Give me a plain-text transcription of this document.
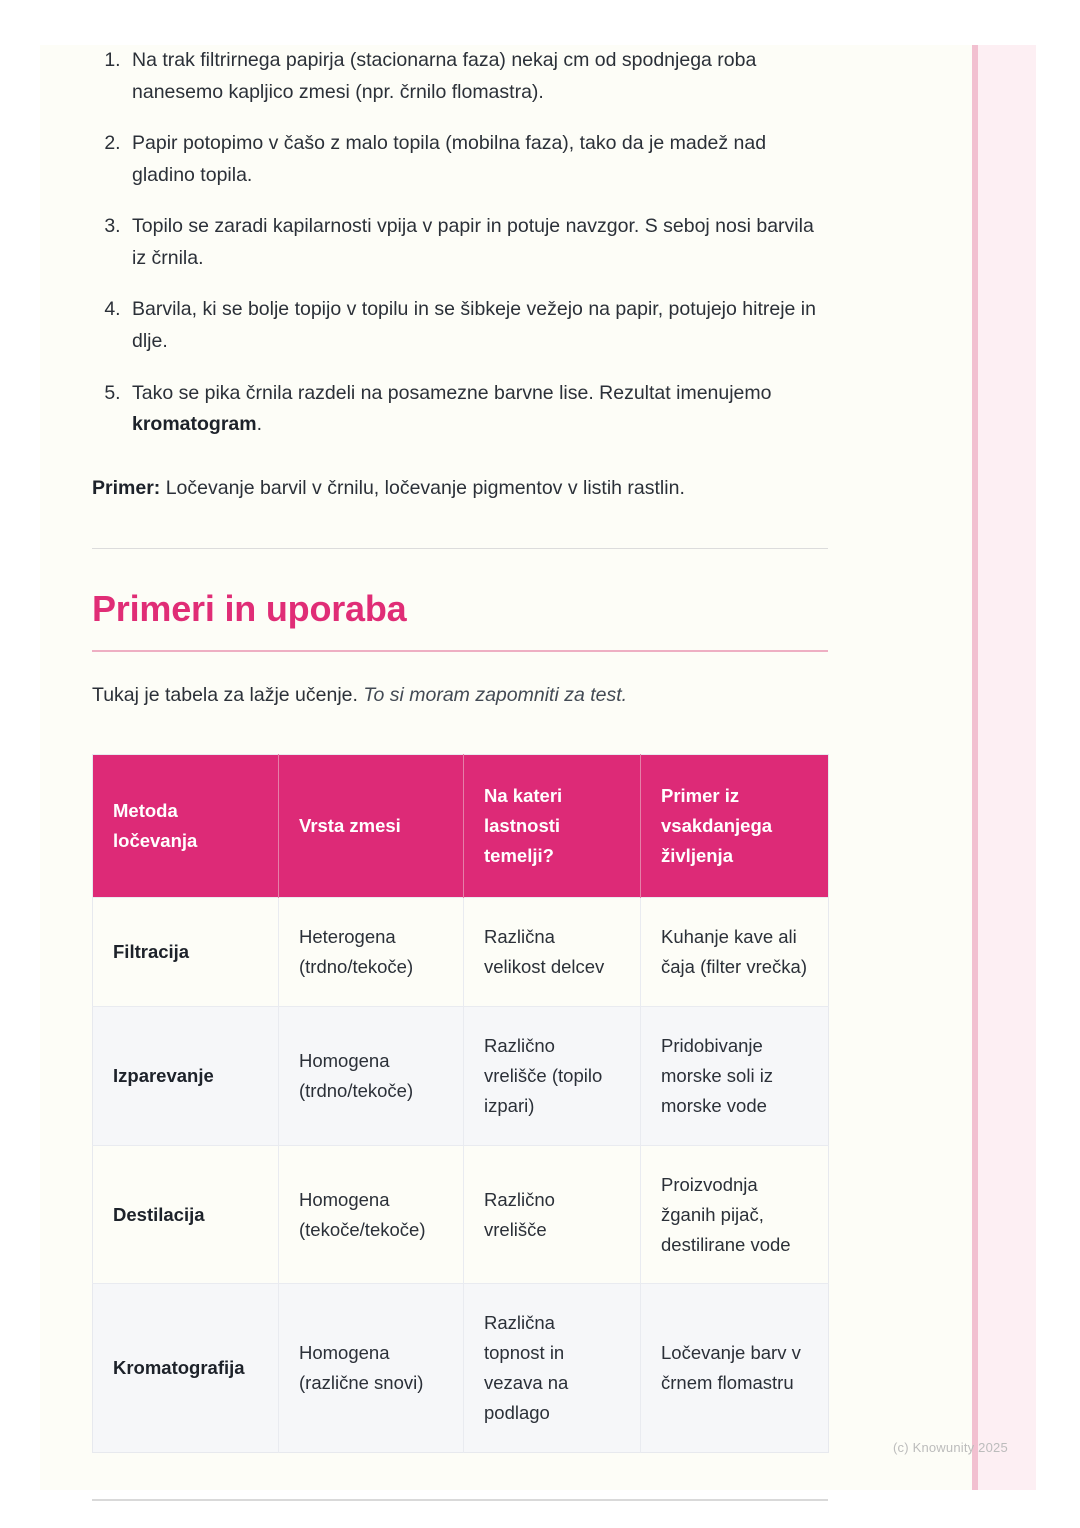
1. Na trak filtrirnega papirja (stacionarna faza) nekaj cm od spodnjega roba nanesemo kapljico zmesi (npr. črnilo flomastra).
2. Papir potopimo v čašo z malo topila (mobilna faza), tako da je madež nad gladino topila.
3. Topilo se zaradi kapilarnosti vpija v papir in potuje navzgor. S seboj nosi barvila iz črnila.
4. Barvila, ki se bolje topijo v topilu in se šibkeje vežejo na papir, potujejo hitreje in dlje.
5. Tako se pika črnila razdeli na posamezne barvne lise. Rezultat imenujemo kromatogram.

Primer: Ločevanje barvil v črnilu, ločevanje pigmentov v listih rastlin.

Primeri in uporaba

Tukaj je tabela za lažje učenje. To si moram zapomniti za test.

Metoda ločevanja	Vrsta zmesi	Na kateri lastnosti temelji?	Primer iz vsakdanjega življenja
Filtracija	Heterogena (trdno/tekoče)	Različna velikost delcev	Kuhanje kave ali čaja (filter vrečka)
Izparevanje	Homogena (trdno/tekoče)	Različno vrelišče (topilo izpari)	Pridobivanje morske soli iz morske vode
Destilacija	Homogena (tekoče/tekoče)	Različno vrelišče	Proizvodnja žganih pijač, destilirane vode
Kromatografija	Homogena (različne snovi)	Različna topnost in vezava na podlago	Ločevanje barv v črnem flomastru
(c) Knowunity 2025
